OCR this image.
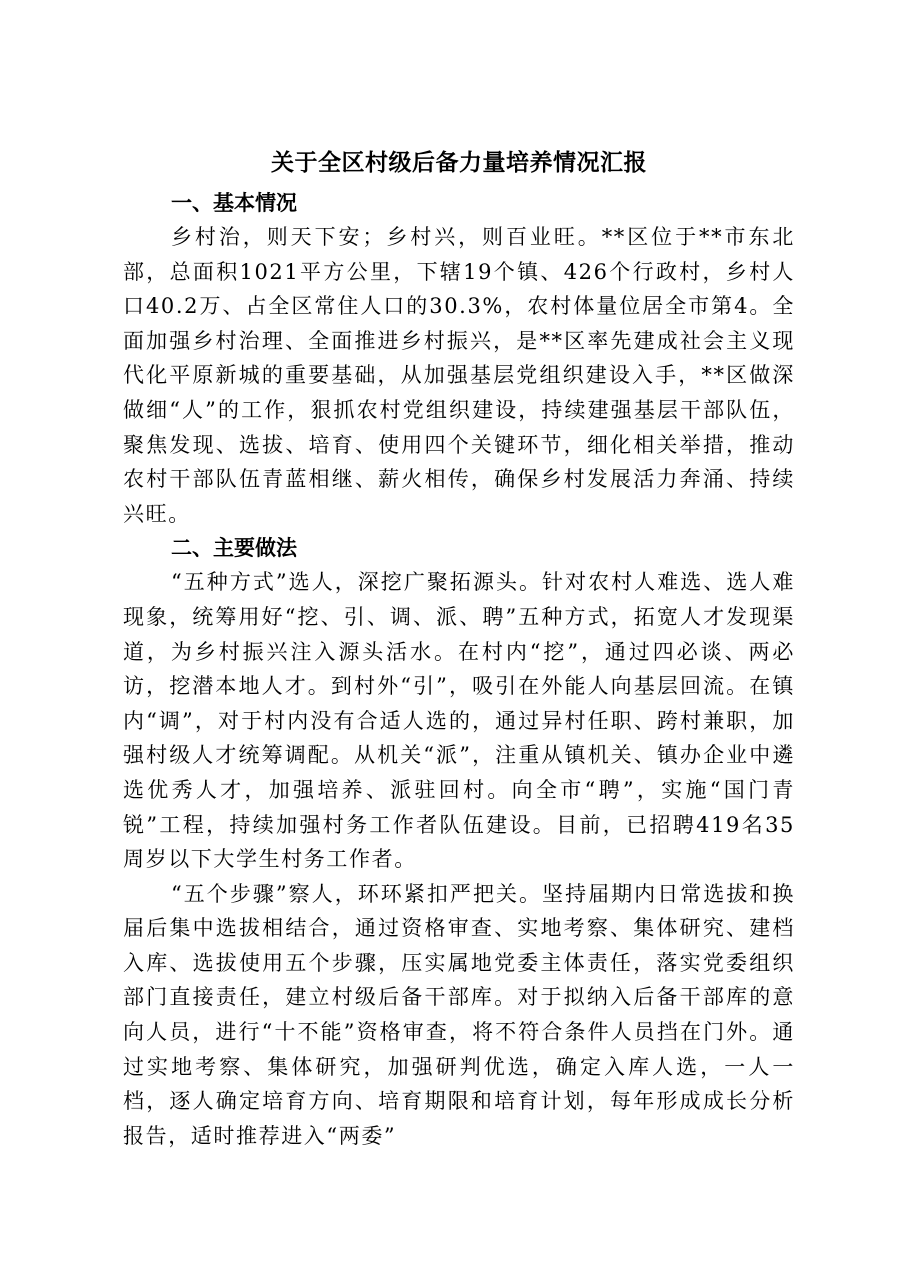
关于全区村级后备力量培养情况汇报
一、基本情况

乡村治，则天下安；乡村兴，则百业旺。**区位于**市东北部，总面积1021平方公里，下辖19个镇、426个行政村，乡村人口40.2万、占全区常住人口的30.3%，农村体量位居全市第4。全面加强乡村治理、全面推进乡村振兴，是**区率先建成社会主义现代化平原新城的重要基础，从加强基层党组织建设入手，**区做深做细“人”的工作，狠抓农村党组织建设，持续建强基层干部队伍，聚焦发现、选拔、培育、使用四个关键环节，细化相关举措，推动农村干部队伍青蓝相继、薪火相传，确保乡村发展活力奔涌、持续兴旺。

二、主要做法

“五种方式”选人，深挖广聚拓源头。针对农村人难选、选人难现象，统筹用好“挖、引、调、派、聘”五种方式，拓宽人才发现渠道，为乡村振兴注入源头活水。在村内“挖”，通过四必谈、两必访，挖潜本地人才。到村外“引”，吸引在外能人向基层回流。在镇内“调”，对于村内没有合适人选的，通过异村任职、跨村兼职，加强村级人才统筹调配。从机关“派”，注重从镇机关、镇办企业中遴选优秀人才，加强培养、派驻回村。向全市“聘”，实施“国门青锐”工程，持续加强村务工作者队伍建设。目前，已招聘419名35周岁以下大学生村务工作者。

“五个步骤”察人，环环紧扣严把关。坚持届期内日常选拔和换届后集中选拔相结合，通过资格审查、实地考察、集体研究、建档入库、选拔使用五个步骤，压实属地党委主体责任，落实党委组织部门直接责任，建立村级后备干部库。对于拟纳入后备干部库的意向人员，进行“十不能”资格审查，将不符合条件人员挡在门外。通过实地考察、集体研究，加强研判优选，确定入库人选，一人一档，逐人确定培育方向、培育期限和培育计划，每年形成成长分析报告，适时推荐进入“两委”
